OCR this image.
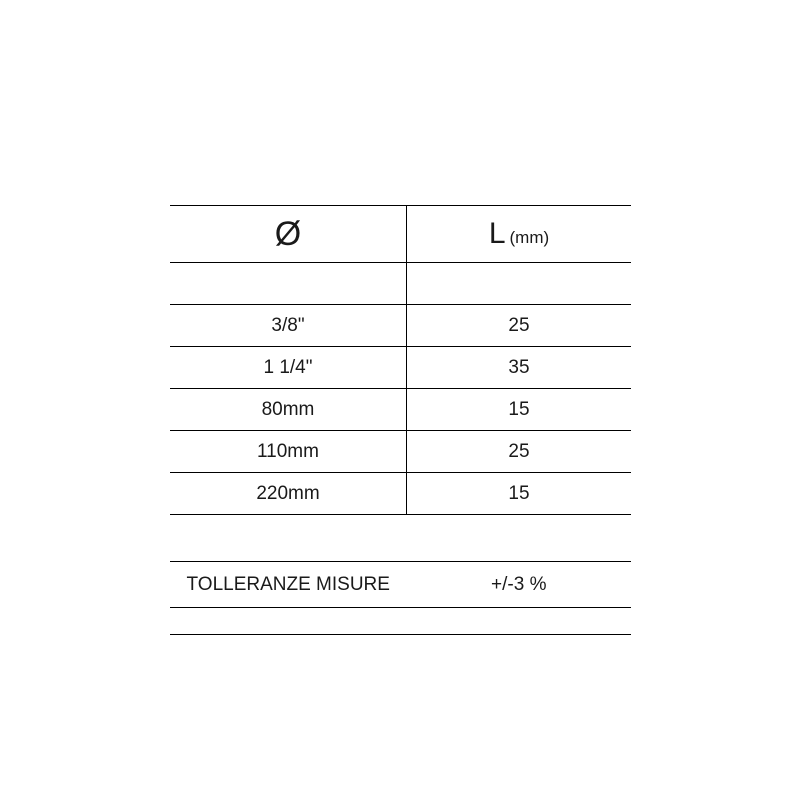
Ø	L (mm)

3/8"	25
1 1/4"	35
80mm	15
110mm	25
220mm	15

TOLLERANZE MISURE	+/-3 %
